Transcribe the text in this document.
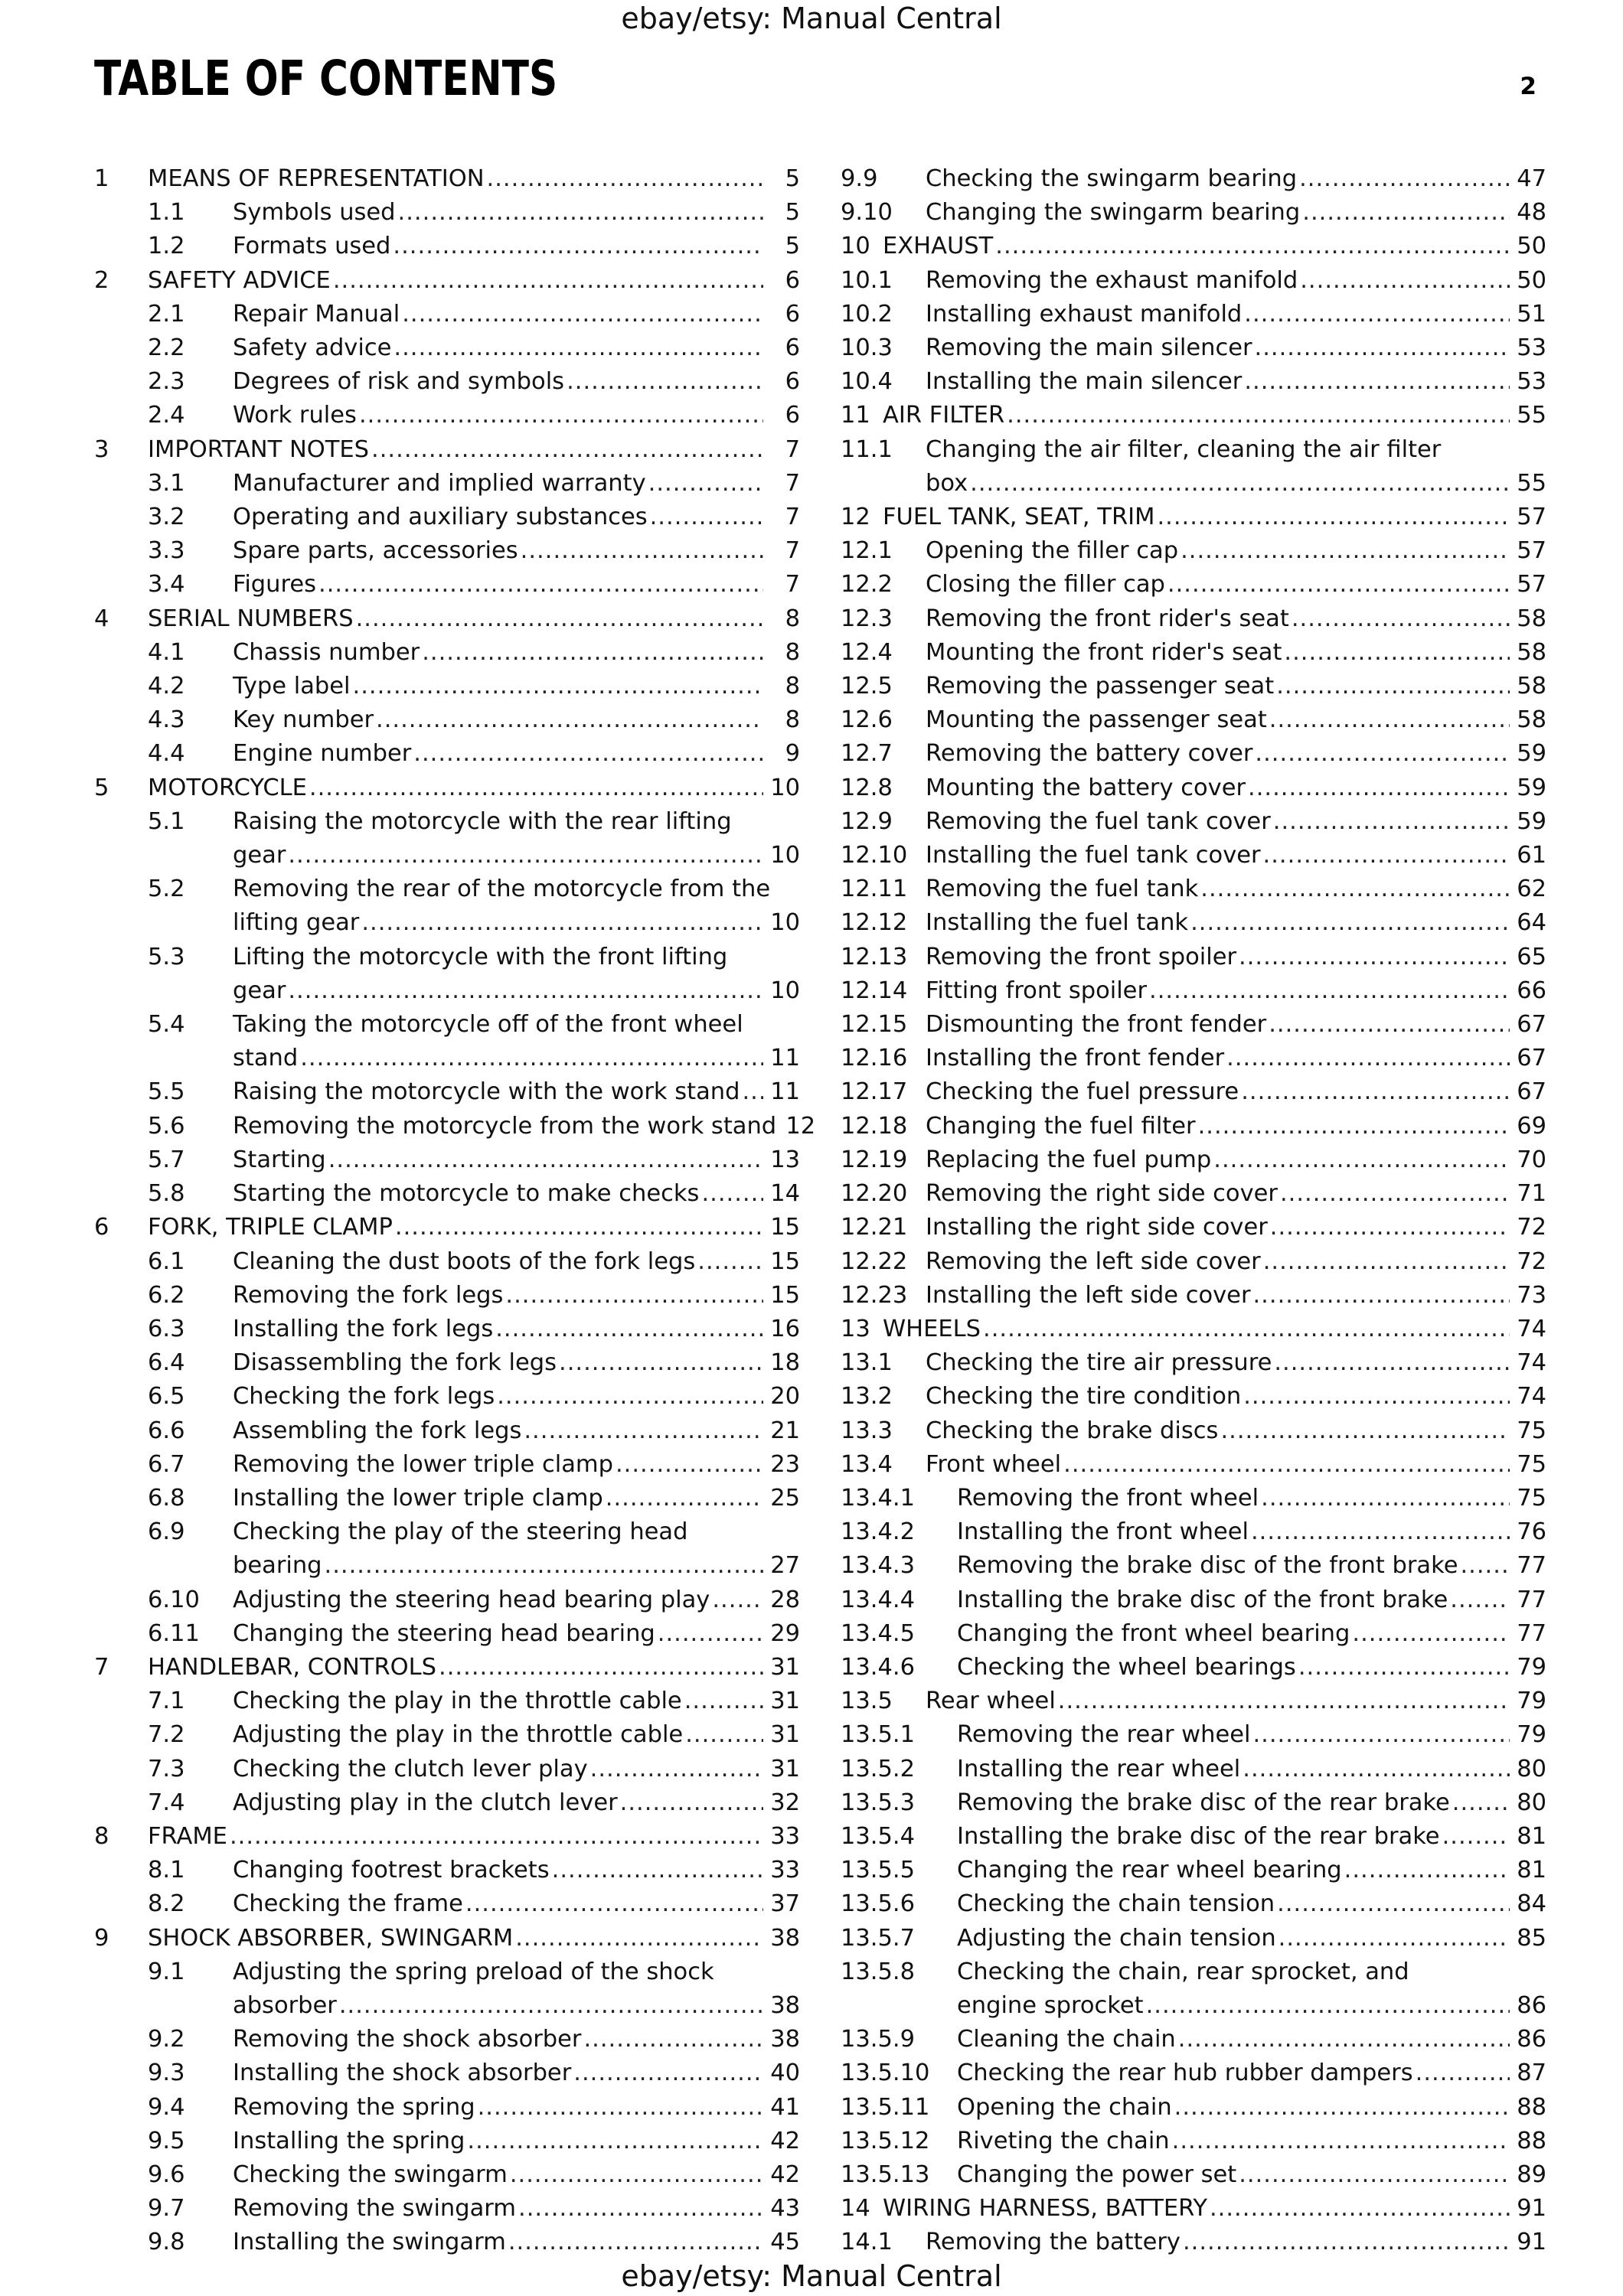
ebay/etsy: Manual Central
TABLE OF CONTENTS	2
1 MEANS OF REPRESENTATION .....	5
1.1 Symbols used .....	5
1.2 Formats used .....	5
2 SAFETY ADVICE .....	6
2.1 Repair Manual .....	6
2.2 Safety advice .....	6
2.3 Degrees of risk and symbols .....	6
2.4 Work rules .....	6
3 IMPORTANT NOTES .....	7
3.1 Manufacturer and implied warranty .....	7
3.2 Operating and auxiliary substances .....	7
3.3 Spare parts, accessories .....	7
3.4 Figures .....	7
4 SERIAL NUMBERS .....	8
4.1 Chassis number .....	8
4.2 Type label .....	8
4.3 Key number .....	8
4.4 Engine number .....	9
5 MOTORCYCLE .....	10
5.1 Raising the motorcycle with the rear lifting
gear .....	10
5.2 Removing the rear of the motorcycle from the
lifting gear .....	10
5.3 Lifting the motorcycle with the front lifting
gear .....	10
5.4 Taking the motorcycle off of the front wheel
stand .....	11
5.5 Raising the motorcycle with the work stand ..... 11
5.6 Removing the motorcycle from the work stand 12
5.7 Starting .....	13
5.8 Starting the motorcycle to make checks .....	14
6 FORK, TRIPLE CLAMP .....	15
6.1 Cleaning the dust boots of the fork legs .....	15
6.2 Removing the fork legs .....	15
6.3 Installing the fork legs .....	16
6.4 Disassembling the fork legs .....	18
6.5 Checking the fork legs .....	20
6.6 Assembling the fork legs .....	21
6.7 Removing the lower triple clamp .....	23
6.8 Installing the lower triple clamp .....	25
6.9 Checking the play of the steering head
bearing .....	27
6.10 Adjusting the steering head bearing play .....	28
6.11 Changing the steering head bearing .....	29
7 HANDLEBAR, CONTROLS .....	31
7.1 Checking the play in the throttle cable .....	31
7.2 Adjusting the play in the throttle cable .....	31
7.3 Checking the clutch lever play .....	31
7.4 Adjusting play in the clutch lever .....	32
8 FRAME .....	33
8.1 Changing footrest brackets .....	33
8.2 Checking the frame .....	37
9 SHOCK ABSORBER, SWINGARM .....	38
9.1 Adjusting the spring preload of the shock
absorber .....	38
9.2 Removing the shock absorber .....	38
9.3 Installing the shock absorber .....	40
9.4 Removing the spring .....	41
9.5 Installing the spring .....	42
9.6 Checking the swingarm .....	42
9.7 Removing the swingarm .....	43
9.8 Installing the swingarm .....	45
9.9 Checking the swingarm bearing .....	47
9.10 Changing the swingarm bearing .....	48
10 EXHAUST .....	50
10.1 Removing the exhaust manifold .....	50
10.2 Installing exhaust manifold .....	51
10.3 Removing the main silencer .....	53
10.4 Installing the main silencer .....	53
11 AIR FILTER .....	55
11.1 Changing the air filter, cleaning the air filter
box .....	55
12 FUEL TANK, SEAT, TRIM .....	57
12.1 Opening the filler cap .....	57
12.2 Closing the filler cap .....	57
12.3 Removing the front rider's seat .....	58
12.4 Mounting the front rider's seat .....	58
12.5 Removing the passenger seat .....	58
12.6 Mounting the passenger seat .....	58
12.7 Removing the battery cover .....	59
12.8 Mounting the battery cover .....	59
12.9 Removing the fuel tank cover .....	59
12.10 Installing the fuel tank cover .....	61
12.11 Removing the fuel tank .....	62
12.12 Installing the fuel tank .....	64
12.13 Removing the front spoiler .....	65
12.14 Fitting front spoiler .....	66
12.15 Dismounting the front fender .....	67
12.16 Installing the front fender .....	67
12.17 Checking the fuel pressure .....	67
12.18 Changing the fuel filter .....	69
12.19 Replacing the fuel pump .....	70
12.20 Removing the right side cover .....	71
12.21 Installing the right side cover .....	72
12.22 Removing the left side cover .....	72
12.23 Installing the left side cover .....	73
13 WHEELS .....	74
13.1 Checking the tire air pressure .....	74
13.2 Checking the tire condition .....	74
13.3 Checking the brake discs .....	75
13.4 Front wheel .....	75
13.4.1 Removing the front wheel .....	75
13.4.2 Installing the front wheel .....	76
13.4.3 Removing the brake disc of the front brake .....	77
13.4.4 Installing the brake disc of the front brake .....	77
13.4.5 Changing the front wheel bearing .....	77
13.4.6 Checking the wheel bearings .....	79
13.5 Rear wheel .....	79
13.5.1 Removing the rear wheel .....	79
13.5.2 Installing the rear wheel .....	80
13.5.3 Removing the brake disc of the rear brake .....	80
13.5.4 Installing the brake disc of the rear brake .....	81
13.5.5 Changing the rear wheel bearing .....	81
13.5.6 Checking the chain tension .....	84
13.5.7 Adjusting the chain tension .....	85
13.5.8 Checking the chain, rear sprocket, and
engine sprocket .....	86
13.5.9 Cleaning the chain .....	86
13.5.10 Checking the rear hub rubber dampers .....	87
13.5.11 Opening the chain .....	88
13.5.12 Riveting the chain .....	88
13.5.13 Changing the power set .....	89
14 WIRING HARNESS, BATTERY .....	91
14.1 Removing the battery .....	91
ebay/etsy: Manual Central
